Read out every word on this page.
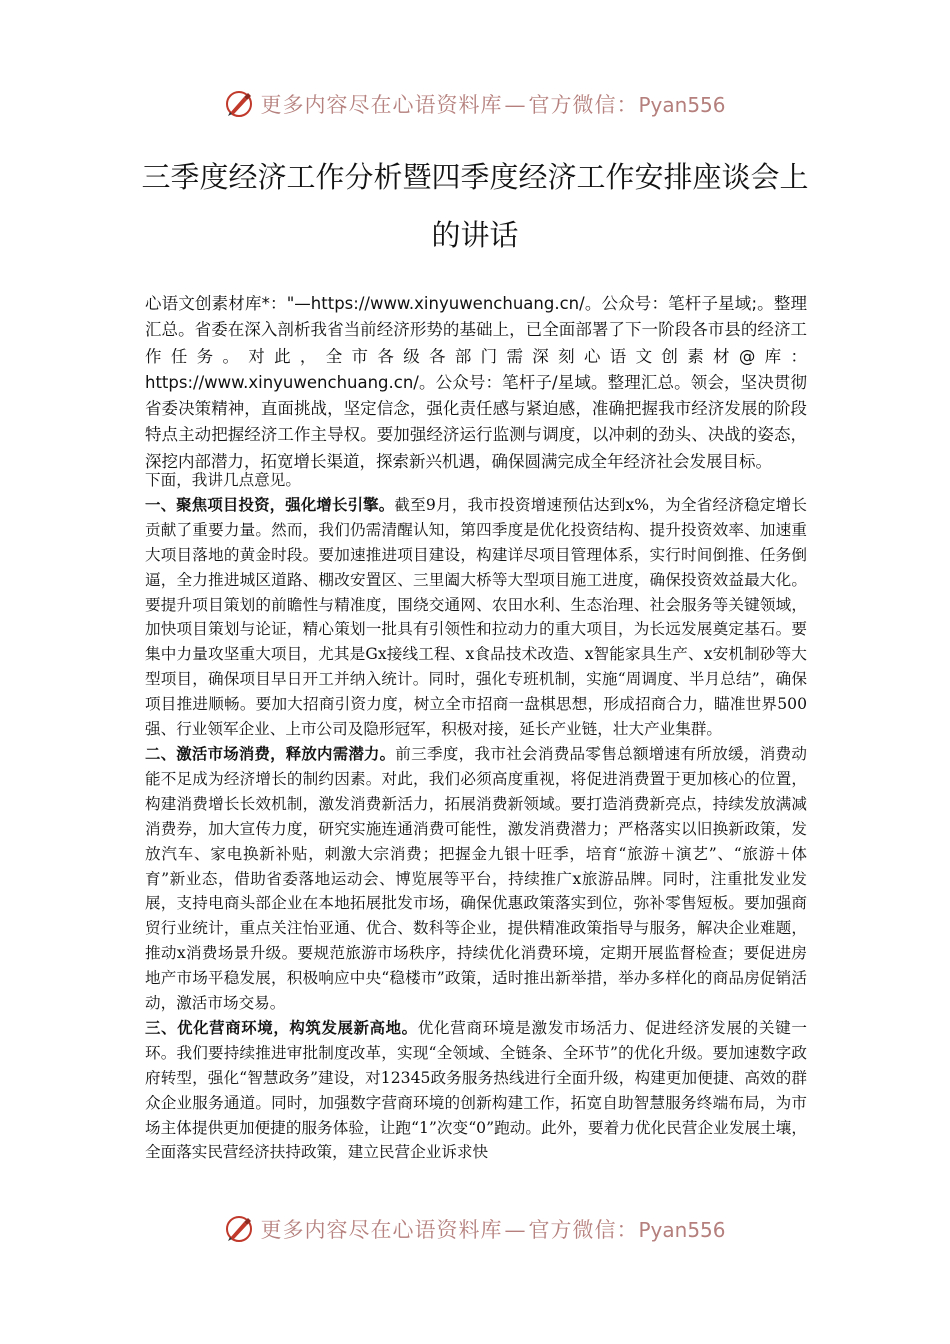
更多内容尽在心语资料库—官方微信：Pyan556
三季度经济工作分析暨四季度经济工作安排座谈会上的讲话
心语文创素材库*："—https://www.xinyuwenchuang.cn/。公众号：笔杆子星域;。整理汇总。省委在深入剖析我省当前经济形势的基础上，已全面部署了下一阶段各市县的经济工作任务。对此，全市各级各部门需深刻心语文创素材@库：https://www.xinyuwenchuang.cn/。公众号：笔杆子/星域。整理汇总。领会，坚决贯彻省委决策精神，直面挑战，坚定信念，强化责任感与紧迫感，准确把握我市经济发展的阶段特点主动把握经济工作主导权。要加强经济运行监测与调度，以冲刺的劲头、决战的姿态，深挖内部潜力，拓宽增长渠道，探索新兴机遇，确保圆满完成全年经济社会发展目标。

下面，我讲几点意见。

一、聚焦项目投资，强化增长引擎。截至9月，我市投资增速预估达到x%，为全省经济稳定增长贡献了重要力量。然而，我们仍需清醒认知，第四季度是优化投资结构、提升投资效率、加速重大项目落地的黄金时段。要加速推进项目建设，构建详尽项目管理体系，实行时间倒推、任务倒逼，全力推进城区道路、棚改安置区、三里阖大桥等大型项目施工进度，确保投资效益最大化。要提升项目策划的前瞻性与精准度，围绕交通网、农田水利、生态治理、社会服务等关键领域，加快项目策划与论证，精心策划一批具有引领性和拉动力的重大项目，为长远发展奠定基石。要集中力量攻坚重大项目，尤其是Gx接线工程、x食品技术改造、x智能家具生产、x安机制砂等大型项目，确保项目早日开工并纳入统计。同时，强化专班机制，实施“周调度、半月总结”，确保项目推进顺畅。要加大招商引资力度，树立全市招商一盘棋思想，形成招商合力，瞄准世界500强、行业领军企业、上市公司及隐形冠军，积极对接，延长产业链，壮大产业集群。

二、激活市场消费，释放内需潜力。前三季度，我市社会消费品零售总额增速有所放缓，消费动能不足成为经济增长的制约因素。对此，我们必须高度重视，将促进消费置于更加核心的位置，构建消费增长长效机制，激发消费新活力，拓展消费新领域。要打造消费新亮点，持续发放满减消费券，加大宣传力度，研究实施连通消费可能性，激发消费潜力；严格落实以旧换新政策，发放汽车、家电换新补贴，刺激大宗消费；把握金九银十旺季，培育“旅游＋演艺”、“旅游＋体育”新业态，借助省委落地运动会、博览展等平台，持续推广x旅游品牌。同时，注重批发业发展，支持电商头部企业在本地拓展批发市场，确保优惠政策落实到位，弥补零售短板。要加强商贸行业统计，重点关注怡亚通、优合、数科等企业，提供精准政策指导与服务，解决企业难题，推动x消费场景升级。要规范旅游市场秩序，持续优化消费环境，定期开展监督检查；要促进房地产市场平稳发展，积极响应中央“稳楼市”政策，适时推出新举措，举办多样化的商品房促销活动，激活市场交易。

三、优化营商环境，构筑发展新高地。优化营商环境是激发市场活力、促进经济发展的关键一环。我们要持续推进审批制度改革，实现“全领域、全链条、全环节”的优化升级。要加速数字政府转型，强化“智慧政务”建设，对12345政务服务热线进行全面升级，构建更加便捷、高效的群众企业服务通道。同时，加强数字营商环境的创新构建工作，拓宽自助智慧服务终端布局，为市场主体提供更加便捷的服务体验，让跑“1”次变“0”跑动。此外，要着力优化民营企业发展土壤，全面落实民营经济扶持政策，建立民营企业诉求快

更多内容尽在心语资料库—官方微信：Pyan556
